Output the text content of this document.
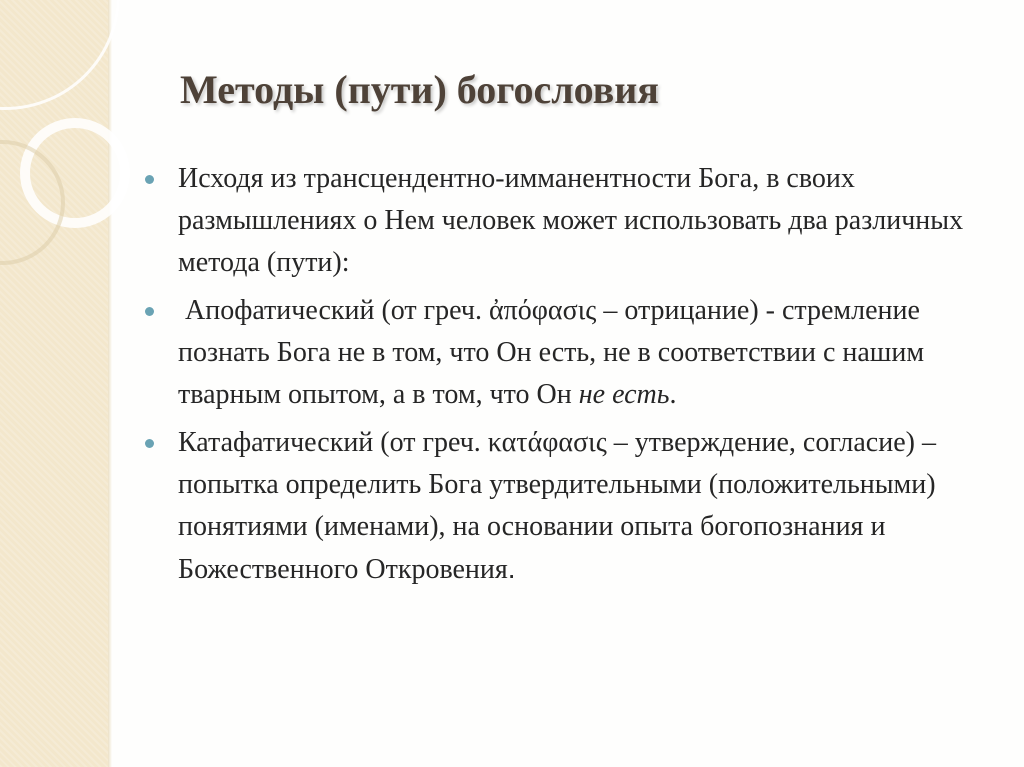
Методы (пути) богословия
Исходя из трансцендентно-имманентности Бога, в своих размышлениях о Нем человек может использовать два различных метода (пути):
Апофатический (от греч. ἀπόφασις – отрицание) - стремление познать Бога не в том, что Он есть, не в соответствии с нашим тварным опытом, а в том, что Он не есть.
Катафатический (от греч. κατάφασις – утверждение, согласие) – попытка определить Бога утвердительными (положительными) понятиями (именами), на основании опыта богопознания и Божественного Откровения.
